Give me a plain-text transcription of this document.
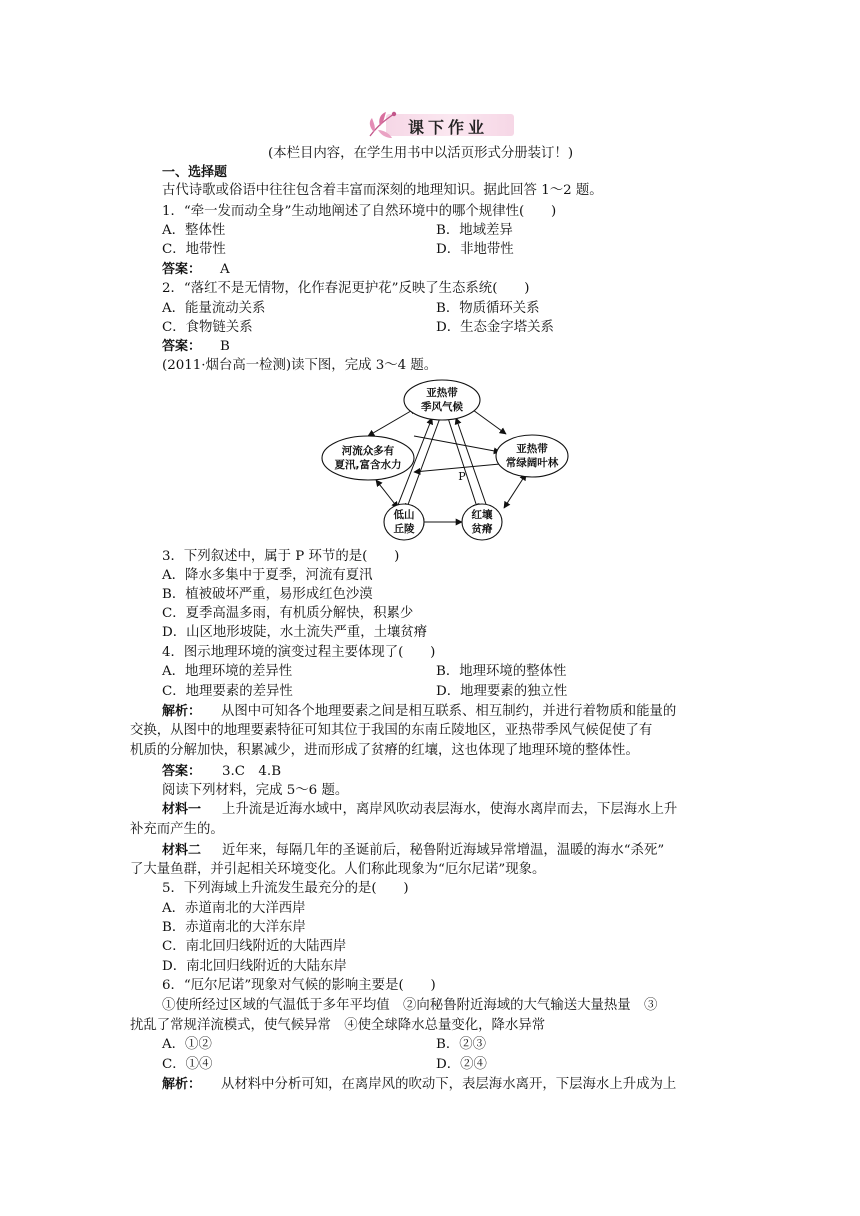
课下作业
(本栏目内容，在学生用书中以活页形式分册装订！)
一、选择题
古代诗歌或俗语中往往包含着丰富而深刻的地理知识。据此回答 1～2 题。
1．“牵一发而动全身”生动地阐述了自然环境中的哪个规律性(　　)
A．整体性	B．地域差异
C．地带性	D．非地带性
答案： A
2．“落红不是无情物，化作春泥更护花”反映了生态系统(　　)
A．能量流动关系	B．物质循环关系
C．食物链关系	D．生态金字塔关系
答案： B
(2011·烟台高一检测)读下图，完成 3～4 题。
亚热带
季风气候
河流众多有
夏汛,富含水力
亚热带
常绿阔叶林
低山
丘陵
红壤
贫瘠
P
3．下列叙述中，属于 P 环节的是(　　)
A．降水多集中于夏季，河流有夏汛
B．植被破坏严重，易形成红色沙漠
C．夏季高温多雨，有机质分解快，积累少
D．山区地形坡陡，水土流失严重，土壤贫瘠
4．图示地理环境的演变过程主要体现了(　　)
A．地理环境的差异性	B．地理环境的整体性
C．地理要素的差异性	D．地理要素的独立性
解析： 从图中可知各个地理要素之间是相互联系、相互制约，并进行着物质和能量的
交换，从图中的地理要素特征可知其位于我国的东南丘陵地区，亚热带季风气候促使了有
机质的分解加快，积累减少，进而形成了贫瘠的红壤，这也体现了地理环境的整体性。
答案： 3.C　4.B
阅读下列材料，完成 5～6 题。
材料一 上升流是近海水域中，离岸风吹动表层海水，使海水离岸而去，下层海水上升
补充而产生的。
材料二 近年来，每隔几年的圣诞前后，秘鲁附近海域异常增温，温暖的海水“杀死”
了大量鱼群，并引起相关环境变化。人们称此现象为“厄尔尼诺”现象。
5．下列海域上升流发生最充分的是(　　)
A．赤道南北的大洋西岸
B．赤道南北的大洋东岸
C．南北回归线附近的大陆西岸
D．南北回归线附近的大陆东岸
6．“厄尔尼诺”现象对气候的影响主要是(　　)
①使所经过区域的气温低于多年平均值　②向秘鲁附近海域的大气输送大量热量　③
扰乱了常规洋流模式，使气候异常　④使全球降水总量变化，降水异常
A．①②	B．②③
C．①④	D．②④
解析： 从材料中分析可知，在离岸风的吹动下，表层海水离开，下层海水上升成为上
